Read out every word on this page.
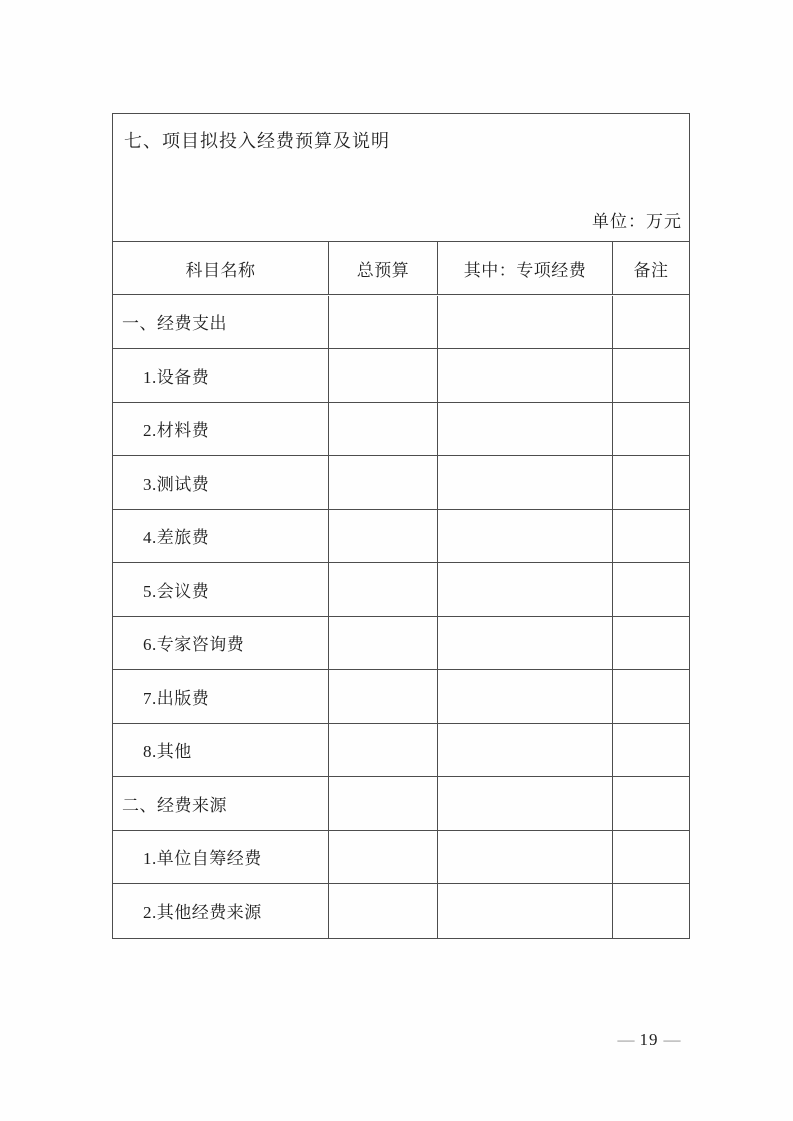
七、项目拟投入经费预算及说明
单位：万元
科目名称	总预算	其中：专项经费	备注
一、经费支出
1.设备费
2.材料费
3.测试费
4.差旅费
5.会议费
6.专家咨询费
7.出版费
8.其他
二、经费来源
1.单位自筹经费
2.其他经费来源
— 19 —
